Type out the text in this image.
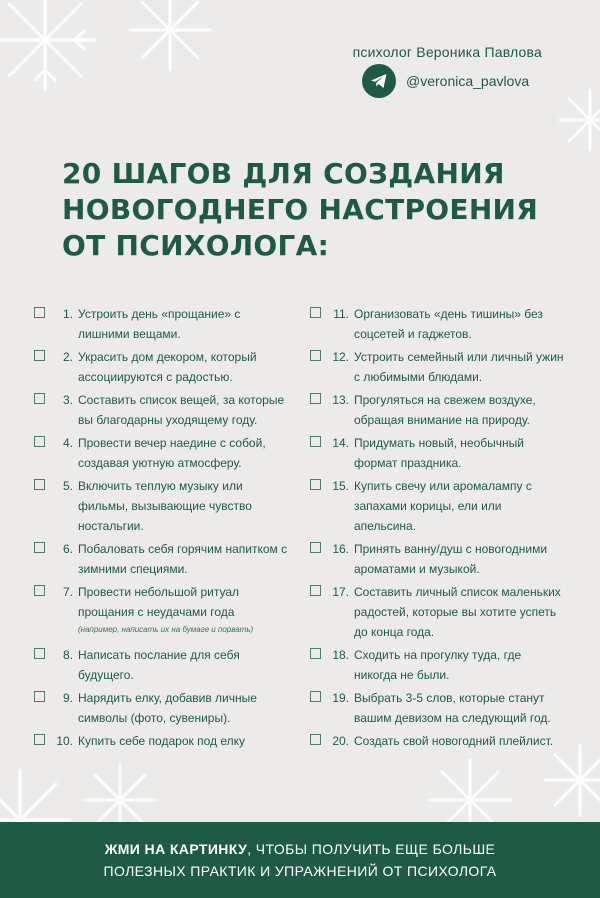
психолог Вероника Павлова
@veronica_pavlova
20 ШАГОВ ДЛЯ СОЗДАНИЯ
НОВОГОДНЕГО НАСТРОЕНИЯ
ОТ ПСИХОЛОГА:
1. Устроить день «прощание» с лишними вещами.
2. Украсить дом декором, который ассоциируются с радостью.
3. Составить список вещей, за которые вы благодарны уходящему году.
4. Провести вечер наедине с собой, создавая уютную атмосферу.
5. Включить теплую музыку или фильмы, вызывающие чувство ностальгии.
6. Побаловать себя горячим напитком с зимними специями.
7. Провести небольшой ритуал прощания с неудачами года
(например, написать их на бумаге и порвать)
8. Написать послание для себя будущего.
9. Нарядить елку, добавив личные символы (фото, сувениры).
10. Купить себе подарок под елку
11. Организовать «день тишины» без соцсетей и гаджетов.
12. Устроить семейный или личный ужин с любимыми блюдами.
13. Прогуляться на свежем воздухе, обращая внимание на природу.
14. Придумать новый, необычный формат праздника.
15. Купить свечу или аромалампу с запахами корицы, ели или апельсина.
16. Принять ванну/душ с новогодними ароматами и музыкой.
17. Составить личный список маленьких радостей, которые вы хотите успеть до конца года.
18. Сходить на прогулку туда, где никогда не были.
19. Выбрать 3-5 слов, которые станут вашим девизом на следующий год.
20. Создать свой новогодний плейлист.
ЖМИ НА КАРТИНКУ, ЧТОБЫ ПОЛУЧИТЬ ЕЩЕ БОЛЬШЕ
ПОЛЕЗНЫХ ПРАКТИК И УПРАЖНЕНИЙ ОТ ПСИХОЛОГА
